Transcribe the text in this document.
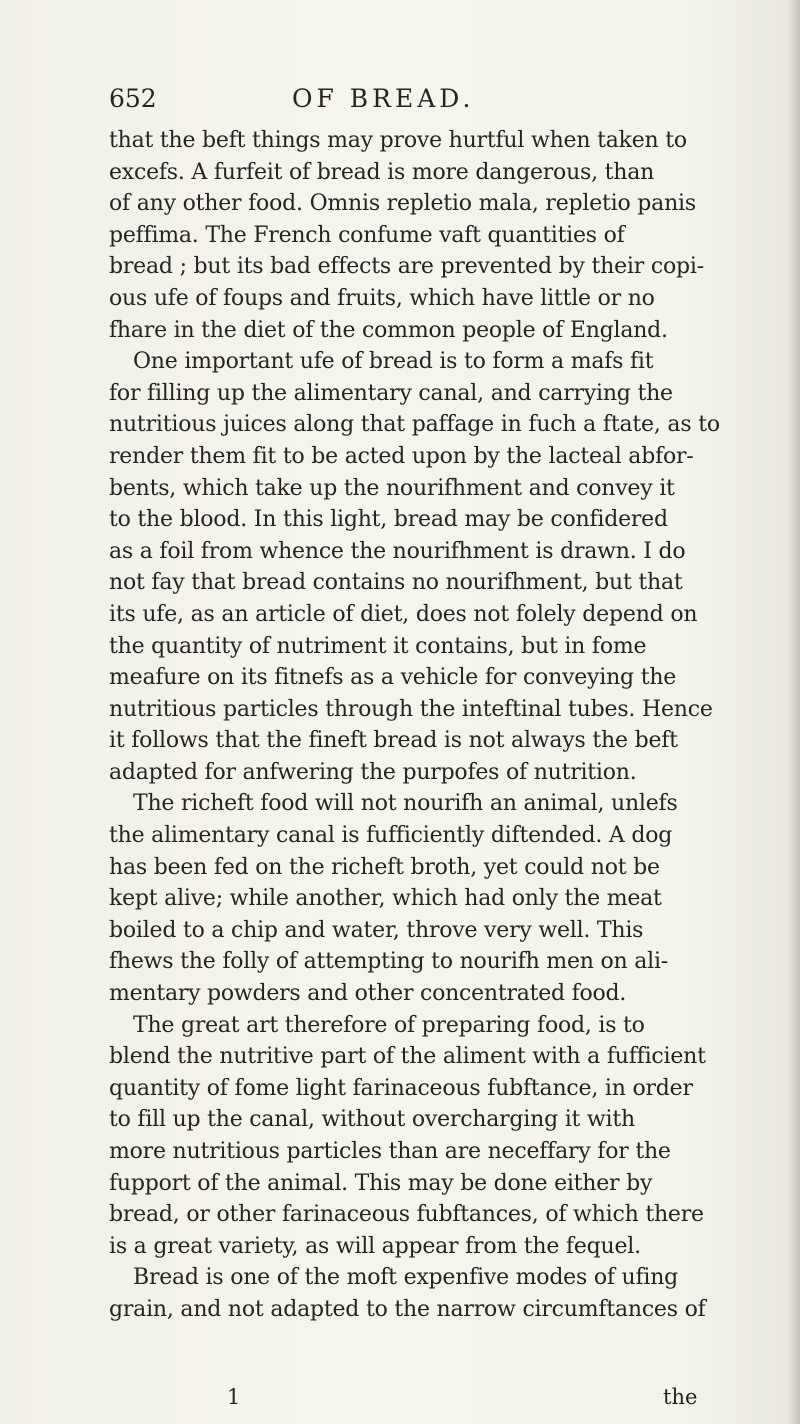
652	OF BREAD.
that the beft things may prove hurtful when taken to
excefs. A furfeit of bread is more dangerous, than
of any other food. Omnis repletio mala, repletio panis
peffima. The French confume vaft quantities of
bread ; but its bad effects are prevented by their copi-
ous ufe of foups and fruits, which have little or no
fhare in the diet of the common people of England.
One important ufe of bread is to form a mafs fit
for filling up the alimentary canal, and carrying the
nutritious juices along that paffage in fuch a ftate, as to
render them fit to be acted upon by the lacteal abfor-
bents, which take up the nourifhment and convey it
to the blood. In this light, bread may be confidered
as a foil from whence the nourifhment is drawn. I do
not fay that bread contains no nourifhment, but that
its ufe, as an article of diet, does not folely depend on
the quantity of nutriment it contains, but in fome
meafure on its fitnefs as a vehicle for conveying the
nutritious particles through the inteftinal tubes. Hence
it follows that the fineft bread is not always the beft
adapted for anfwering the purpofes of nutrition.
The richeft food will not nourifh an animal, unlefs
the alimentary canal is fufficiently diftended. A dog
has been fed on the richeft broth, yet could not be
kept alive; while another, which had only the meat
boiled to a chip and water, throve very well. This
fhews the folly of attempting to nourifh men on ali-
mentary powders and other concentrated food.
The great art therefore of preparing food, is to
blend the nutritive part of the aliment with a fufficient
quantity of fome light farinaceous fubftance, in order
to fill up the canal, without overcharging it with
more nutritious particles than are neceffary for the
fupport of the animal. This may be done either by
bread, or other farinaceous fubftances, of which there
is a great variety, as will appear from the fequel.
Bread is one of the moft expenfive modes of ufing
grain, and not adapted to the narrow circumftances of
1	the
